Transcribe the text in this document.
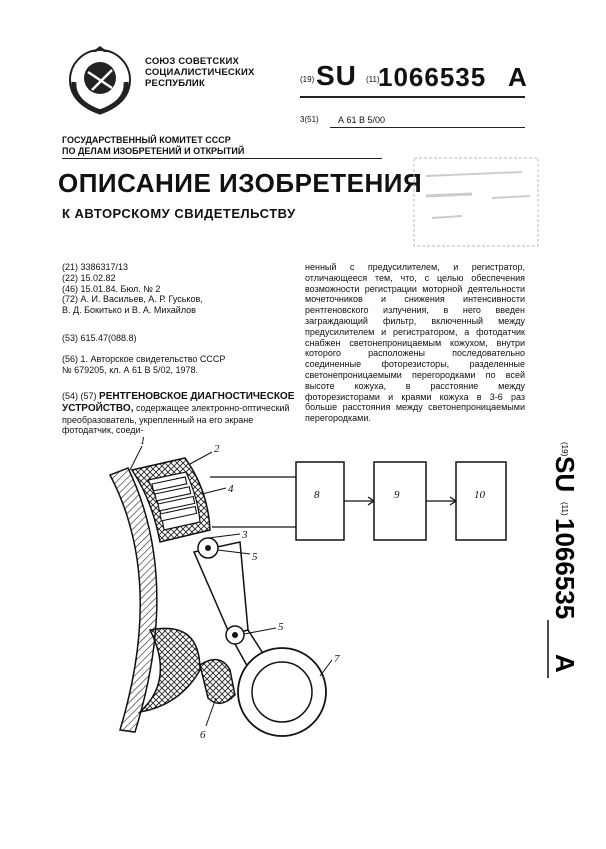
СОЮЗ СОВЕТСКИХ
СОЦИАЛИСТИЧЕСКИХ
РЕСПУБЛИК	(19) SU (11)
1066535 A
3(51) А 61 В 5/00
ГОСУДАРСТВЕННЫЙ КОМИТЕТ СССР
ПО ДЕЛАМ ИЗОБРЕТЕНИЙ И ОТКРЫТИЙ
ОПИСАНИЕ ИЗОБРЕТЕНИЯ
К АВТОРСКОМУ СВИДЕТЕЛЬСТВУ
(21) 3386317/13
(22) 15.02.82
(46) 15.01.84. Бюл. № 2
(72) А. И. Васильев, А. Р. Гуськов,
В. Д. Бокитько и В. А. Михайлов
(53) 615.47(088.8)
(56) 1. Авторское свидетельство СССР
№ 679205, кл. А 61 В 5/02, 1978.
(54) (57) РЕНТГЕНОВСКОЕ ДИАГНОСТИЧЕСКОЕ УСТРОЙСТВО, содержащее электронно-оптический преобразователь, укрепленный на его экране фотодатчик, соеди-
ненный с предусилителем, и регистратор, отличающееся тем, что, с целью обеспечения возможности регистрации моторной деятельности мочеточников и снижения интенсивности рентгеновского излучения, в него введен заграждающий фильтр, включенный между предусилителем и регистратором, а фотодатчик снабжен светонепроницаемым кожухом, внутри которого расположены последовательно соединенные фоторезисторы, разделенные светонепроницаемыми перегородками по всей высоте кожуха, в расстояние между фоторезисторами и краями кожуха в 3-6 раз больше расстояния между светонепроницаемыми перегородками.
(19)
SU
(11)
1066535
A
1
2
3
4
5
5
6
7
8	9	10
